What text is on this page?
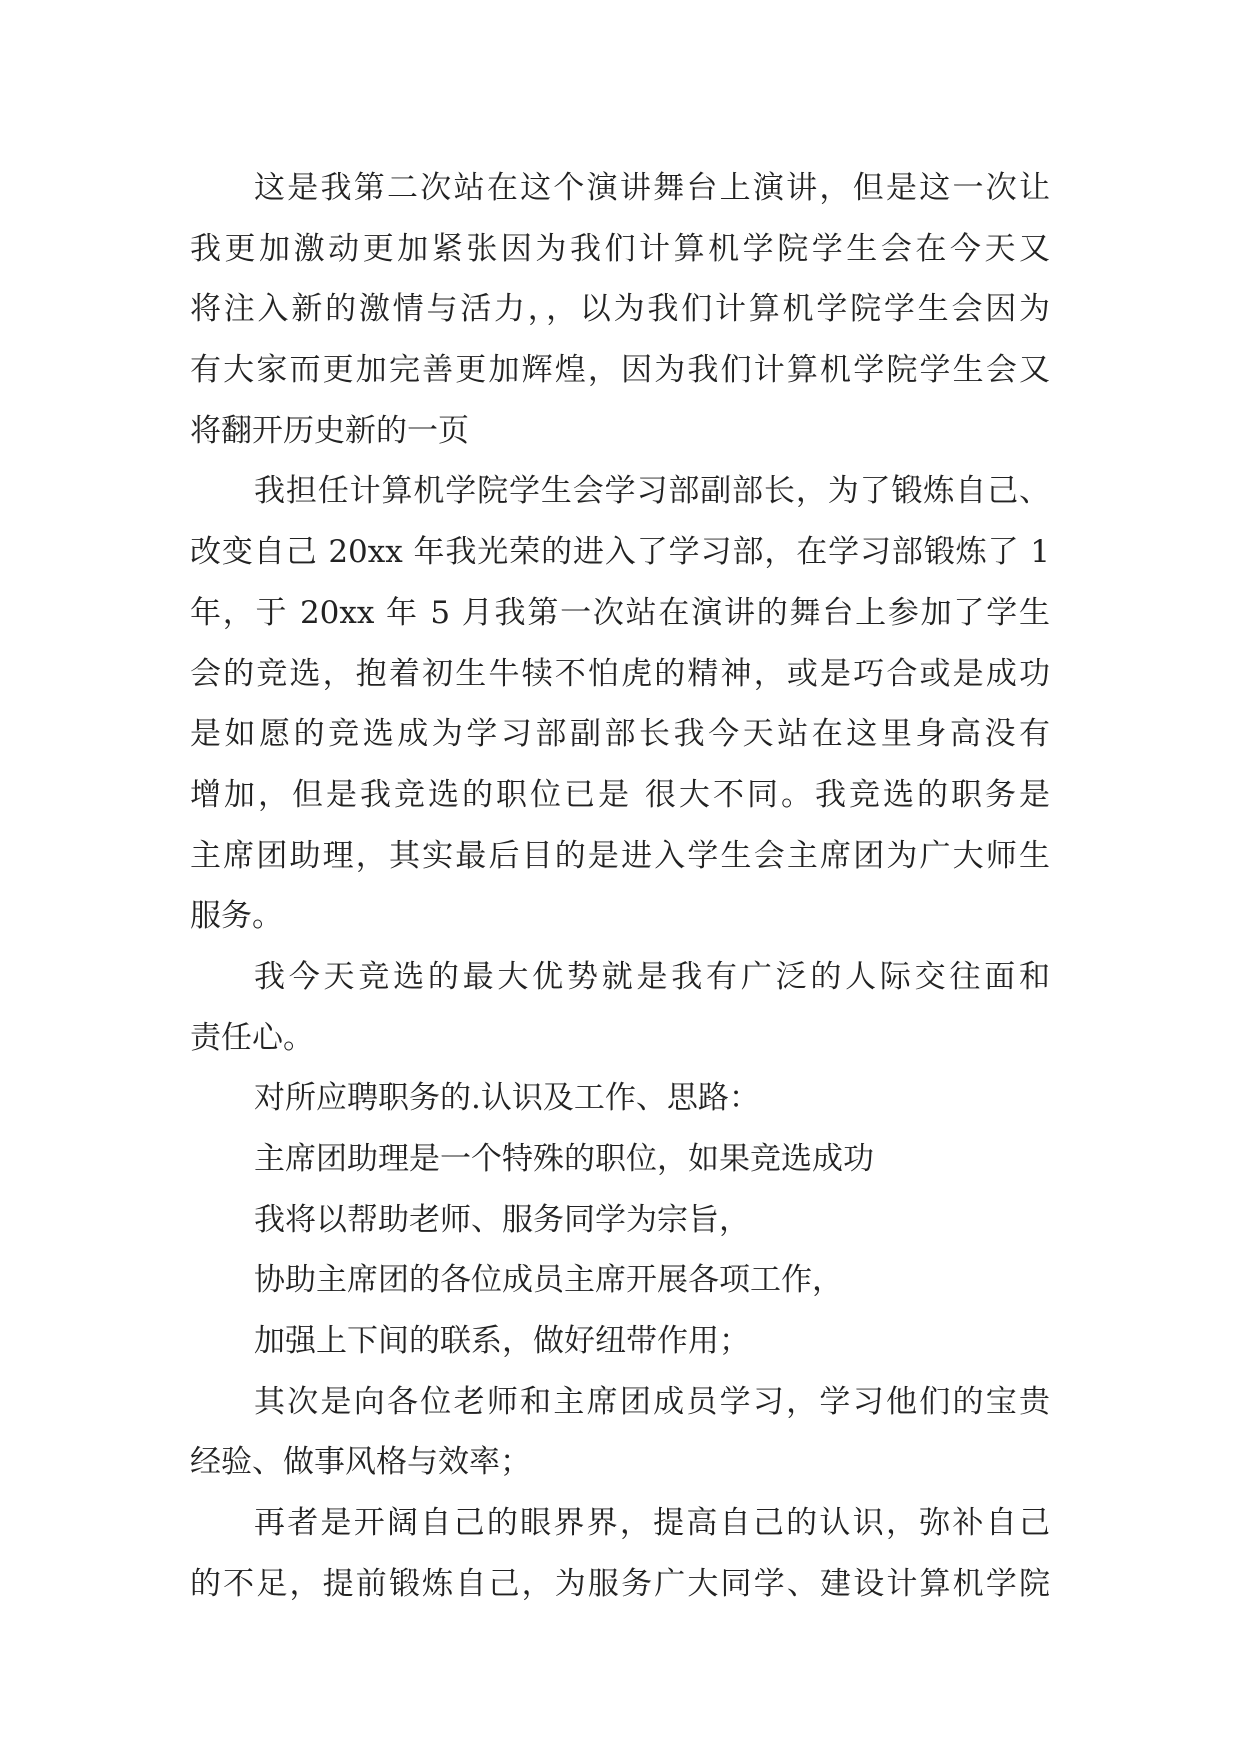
这是我第二次站在这个演讲舞台上演讲，但是这一次让
我更加激动更加紧张因为我们计算机学院学生会在今天又
将注入新的激情与活力，，以为我们计算机学院学生会因为
有大家而更加完善更加辉煌，因为我们计算机学院学生会又
将翻开历史新的一页
我担任计算机学院学生会学习部副部长，为了锻炼自己、
改变自己 20xx 年我光荣的进入了学习部，在学习部锻炼了 1
年，于 20xx 年 5 月我第一次站在演讲的舞台上参加了学生
会的竞选，抱着初生牛犊不怕虎的精神，或是巧合或是成功
是如愿的竞选成为学习部副部长我今天站在这里身高没有
增加，但是我竞选的职位已是 很大不同。我竞选的职务是
主席团助理，其实最后目的是进入学生会主席团为广大师生
服务。
我今天竞选的最大优势就是我有广泛的人际交往面和
责任心。
对所应聘职务的.认识及工作、思路：
主席团助理是一个特殊的职位，如果竞选成功
我将以帮助老师、服务同学为宗旨，
协助主席团的各位成员主席开展各项工作，
加强上下间的联系，做好纽带作用；
其次是向各位老师和主席团成员学习，学习他们的宝贵
经验、做事风格与效率；
再者是开阔自己的眼界界，提高自己的认识，弥补自己
的不足，提前锻炼自己，为服务广大同学、建设计算机学院
